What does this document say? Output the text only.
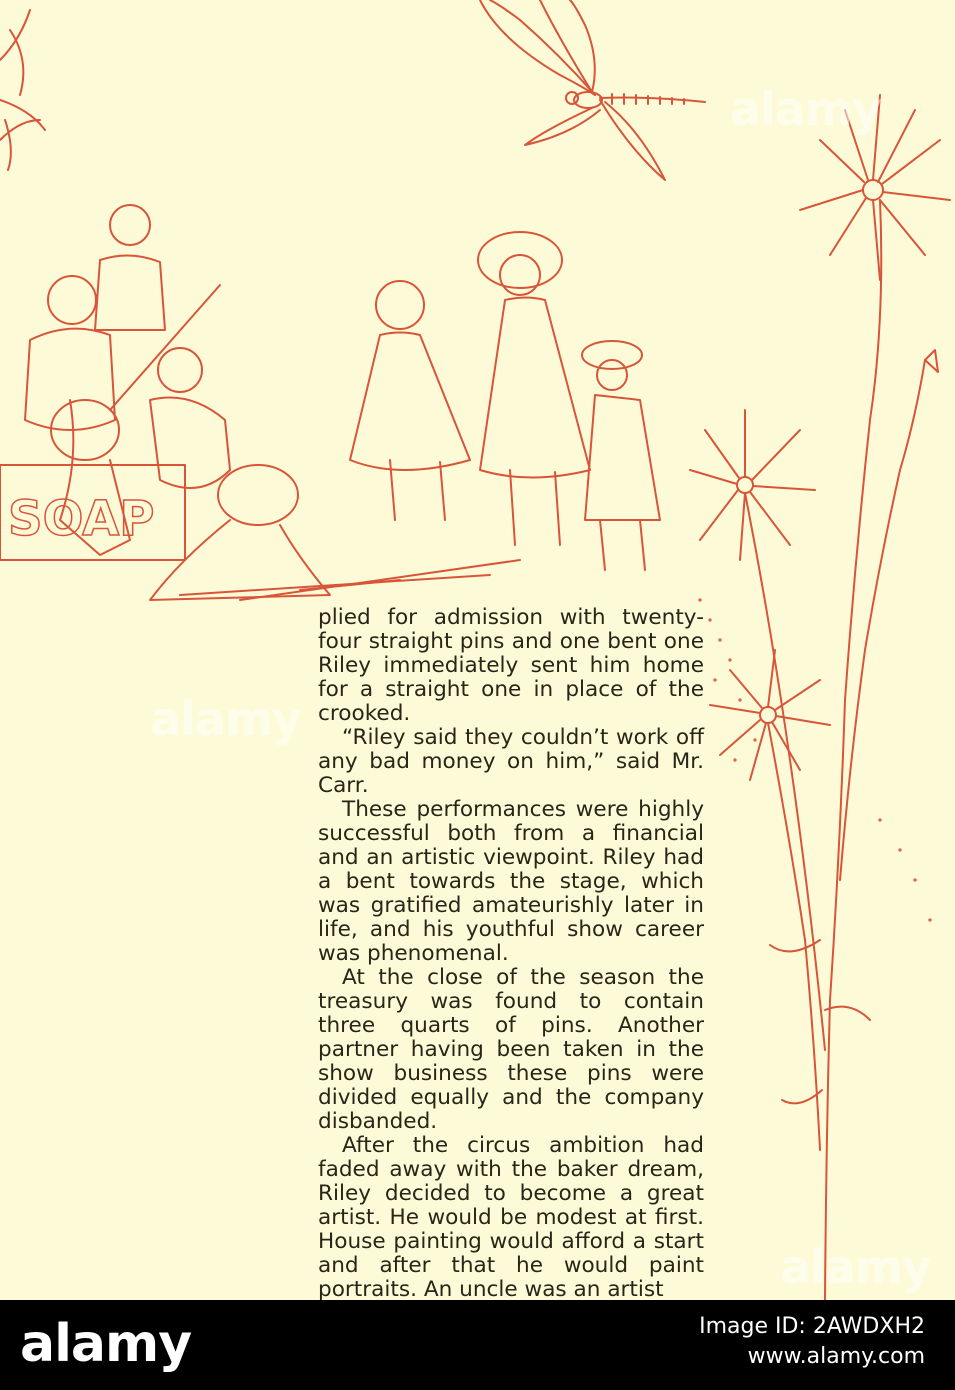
SOAP

plied for admission with twenty-four straight pins and one bent one Riley immediately sent him home for a straight one in place of the crooked.

“Riley said they couldn’t work off any bad money on him,” said Mr. Carr.

These performances were highly successful both from a financial and an artistic viewpoint. Riley had a bent towards the stage, which was gratified amateurishly later in life, and his youthful show career was phenomenal.

At the close of the season the treasury was found to contain three quarts of pins. Another partner having been taken in the show business these pins were divided equally and the company disbanded.

After the circus ambition had faded away with the baker dream, Riley decided to become a great artist. He would be modest at first. House painting would afford a start and after that he would paint portraits. An uncle was an artist

alamy
alamy
alamy
alamy	Image ID: 2AWDXH2
www.alamy.com
